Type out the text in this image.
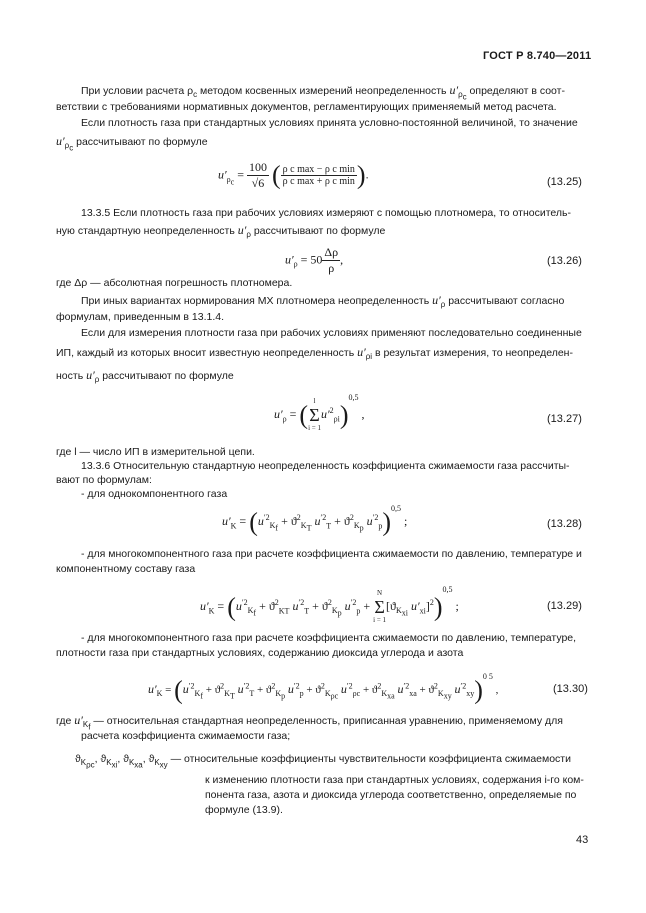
ГОСТ Р 8.740—2011
При условии расчета $\rho_с$ методом косвенных измерений неопределенность $u'_{\rho_c}$ определяют в соот-
ветствии с требованиями нормативных документов, регламентирующих применяемый метод расчета.
Если плотность газа при стандартных условиях принята условно-постоянной величиной, то значение
$u'_{\rho_c}$ рассчитывают по формуле
$u'_{\rho_c} = \frac{100}{√6}$ ( $\frac{\text{ρ c max − ρ c min}}{\text{ρ c max + ρ c min}}$ ).
(13.25)
13.3.5 Если плотность газа при рабочих условиях измеряют с помощью плотномера, то относитель-
ную стандартную неопределенность $u'_\rho$ рассчитывают по формуле
$u'_\rho = 50 \frac{\Delta\rho}{\rho}$ ,	(13.26)
где Δρ — абсолютная погрешность плотномера.
При иных вариантах нормирования МХ плотномера неопределенность $u'_\rho$ рассчитывают согласно
формулам, приведенным в 13.1.4.
Если для измерения плотности газа при рабочих условиях применяют последовательно соединенные
ИП, каждый из которых вносит известную неопределенность $u'_{\rho i}$ в результат измерения, то неопределен-
ность $u'_\rho$ рассчитывают по формуле
$u'_\rho$ = ( l
Σ
i = 1
$u'^2_{\rho i})^{0,5}$ ,	(13.27)
где l — число ИП в измерительной цепи.
13.3.6 Относительную стандартную неопределенность коэффициента сжимаемости газа рассчиты-
вают по формулам:
- для однокомпонентного газа
$u'_K = (u^{'2}_{K_f} + ϑ^2_{K_T}$ $u^{'2}_T + ϑ^2_{K_p}$ $u^{'2}_p)^{0,5}$ ;	(13.28)
- для многокомпонентного газа при расчете коэффициента сжимаемости по давлению, температуре и
компонентному составу газа
$u'_K = (u^{'2}_{K_f} + ϑ^2_{KT}$ $u^{'2}_T + ϑ^2_{K_p}$ $u^{'2}_p$ +
N
Σ
i = 1
[$ϑ_{K_{xi}}$ $u'_{xi}]^2)^{0,5}$ ;	(13.29)
- для многокомпонентного газа при расчете коэффициента сжимаемости по давлению, температуре,
плотности газа при стандартных условиях, содержанию диоксида углерода и азота
$u'_K = (u^{'2}_{K_f} + ϑ^2_{K_T}$ $u^{'2}_T + ϑ^2_{K_p}$ $u^{'2}_p + ϑ^2_{K_{\rho c}}$ $u^{'2}_{\rho c} + ϑ^2_{K_{xa}}$ $u^{'2}_{xa} + ϑ^2_{K_{xy}}$ $u^{'2}_{xy})^{0 5}$ ,	(13.30)
где $u'_{K_f}$ — относительная стандартная неопределенность, приписанная уравнению, применяемому для
расчета коэффициента сжимаемости газа;
$ϑ_{K_{\rho c}}$, $ϑ_{K_{xi}}$, $ϑ_{K_{xa}}$, $ϑ_{K_{xy}}$ — относительные коэффициенты чувствительности коэффициента сжимаемости
к изменению плотности газа при стандартных условиях, содержания i-го ком-
понента газа, азота и диоксида углерода соответственно, определяемые по
формуле (13.9).
43
